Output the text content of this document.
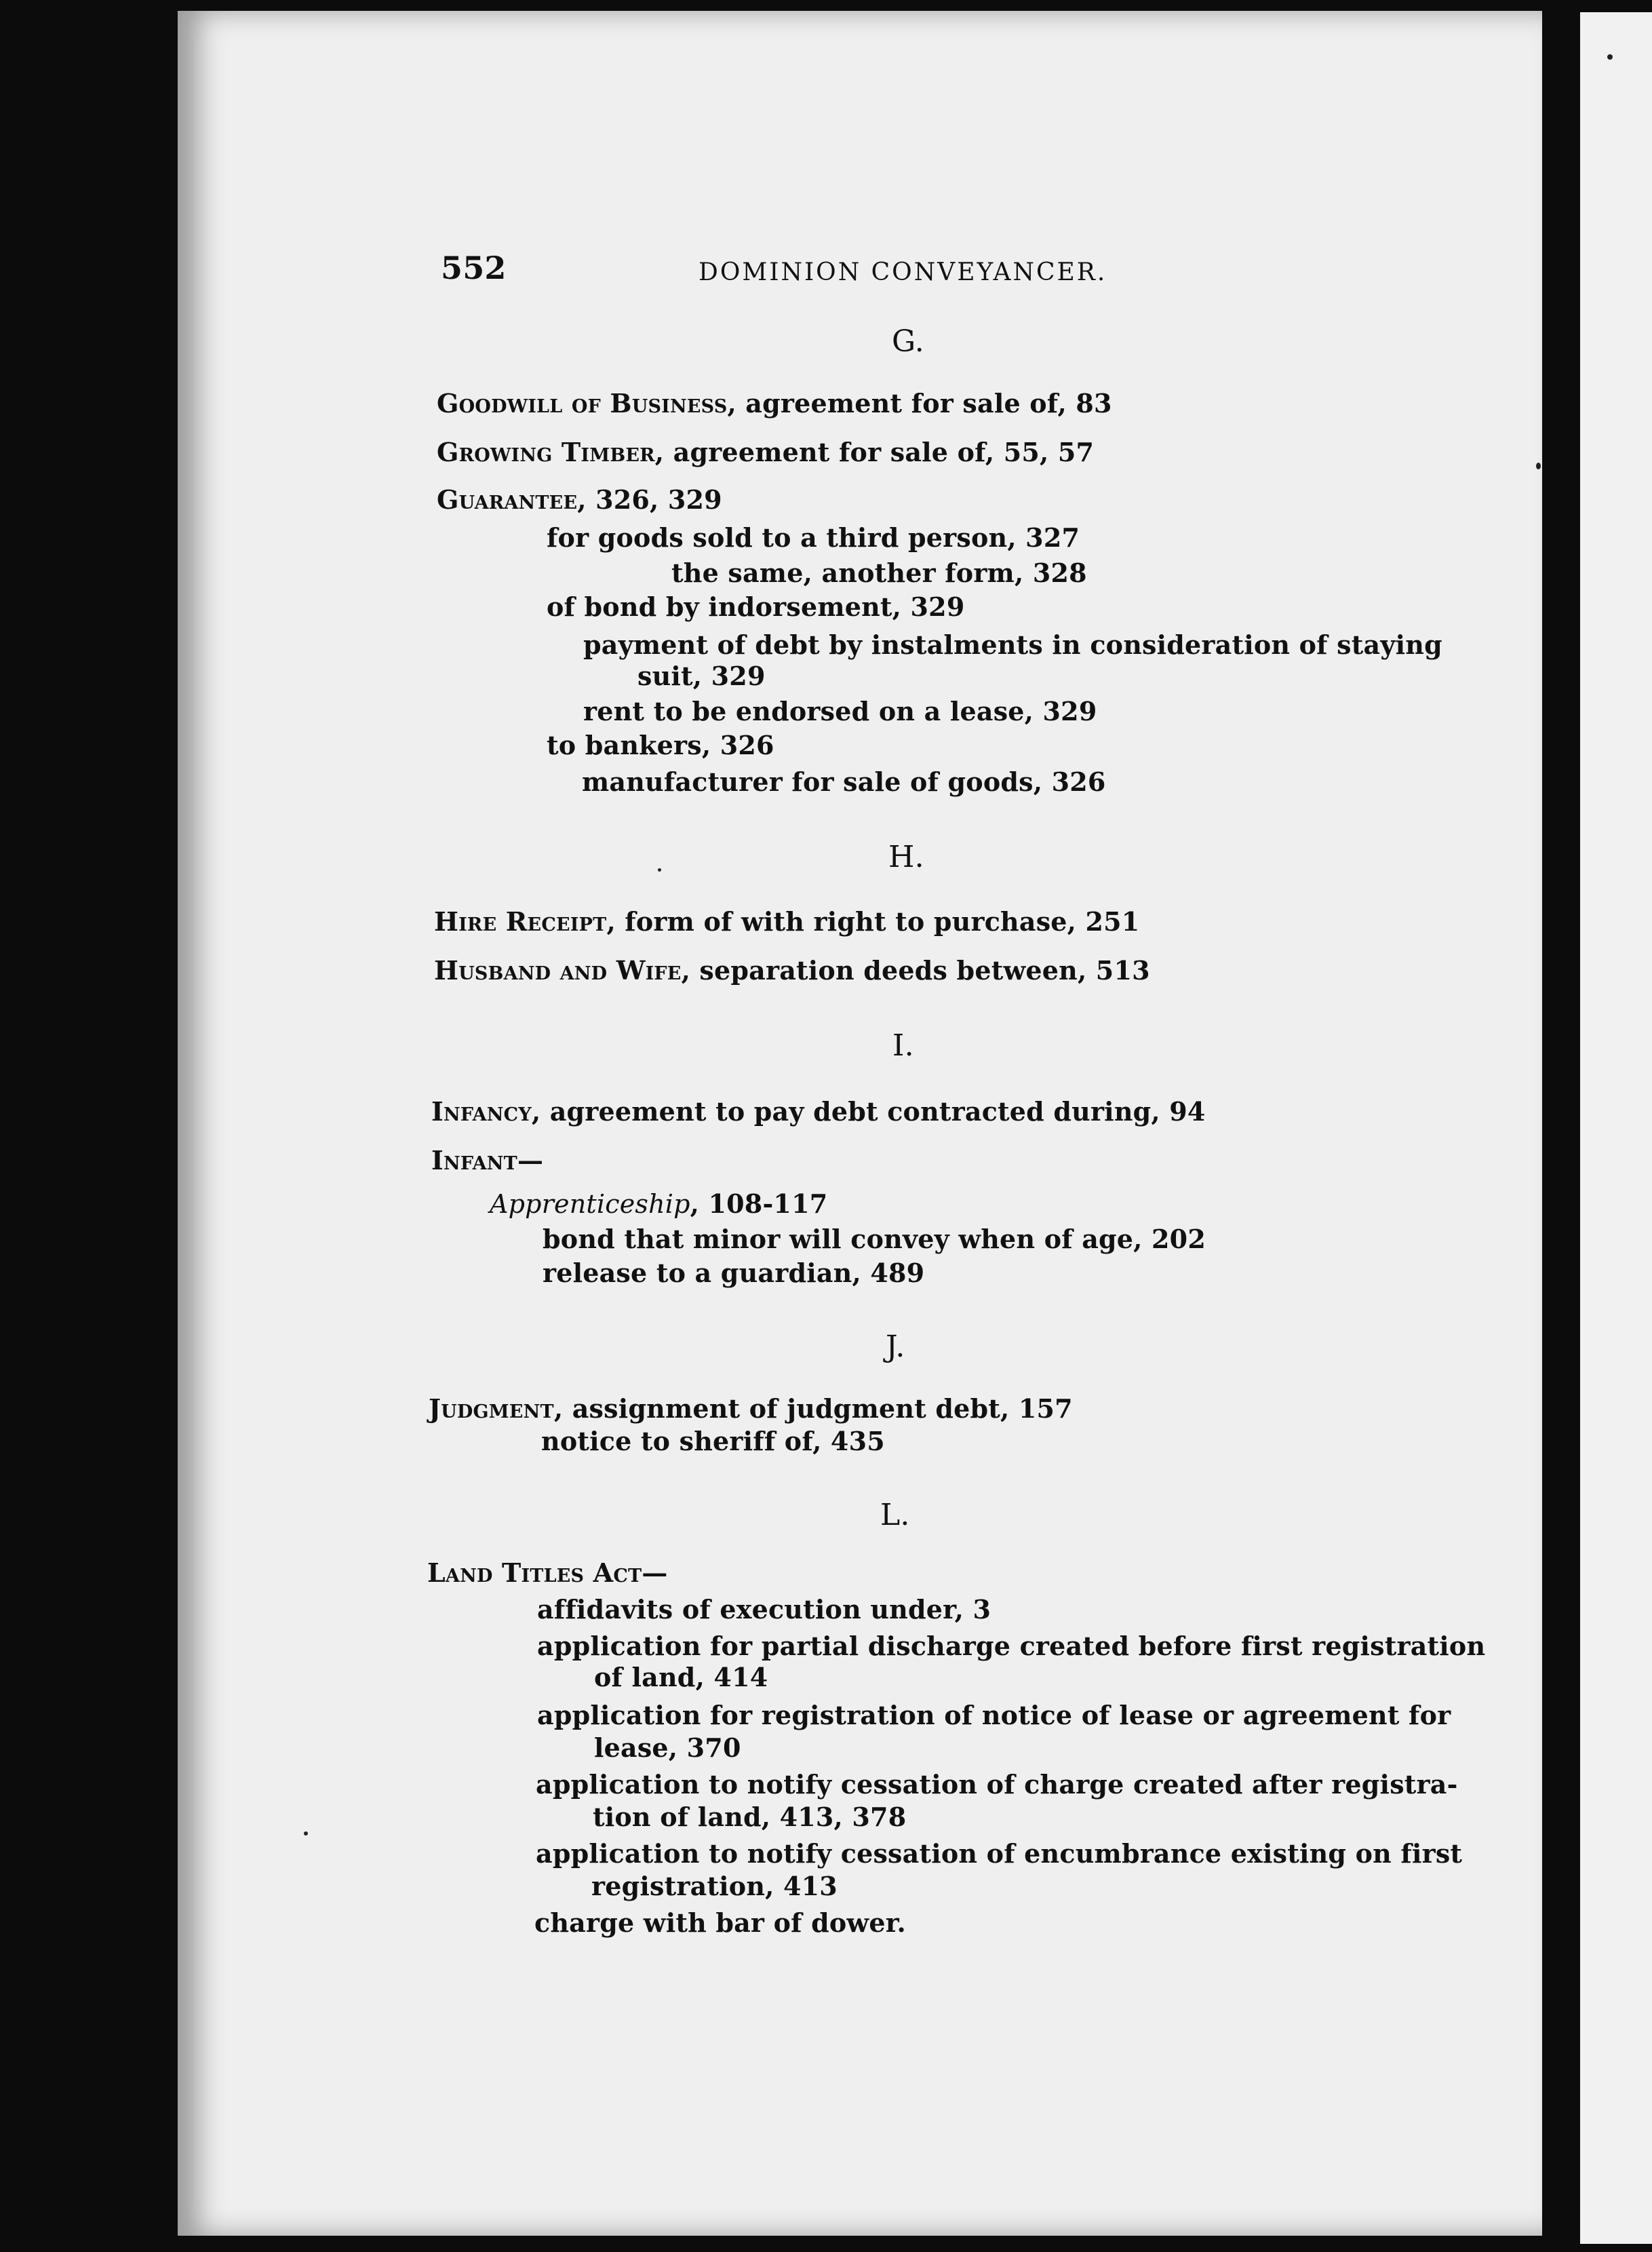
552	DOMINION CONVEYANCER.
G.
Goodwill of Business, agreement for sale of, 83
Growing Timber, agreement for sale of, 55, 57
Guarantee, 326, 329
for goods sold to a third person, 327
the same, another form, 328
of bond by indorsement, 329
payment of debt by instalments in consideration of staying
suit, 329
rent to be endorsed on a lease, 329
to bankers, 326
manufacturer for sale of goods, 326
H.
Hire Receipt, form of with right to purchase, 251
Husband and Wife, separation deeds between, 513
I.
Infancy, agreement to pay debt contracted during, 94
Infant—
Apprenticeship, 108-117
bond that minor will convey when of age, 202
release to a guardian, 489
J.
Judgment, assignment of judgment debt, 157
notice to sheriff of, 435
L.
Land Titles Act—
affidavits of execution under, 3
application for partial discharge created before first registration
of land, 414
application for registration of notice of lease or agreement for
lease, 370
application to notify cessation of charge created after registra-
tion of land, 413, 378
application to notify cessation of encumbrance existing on first
registration, 413
charge with bar of dower.
